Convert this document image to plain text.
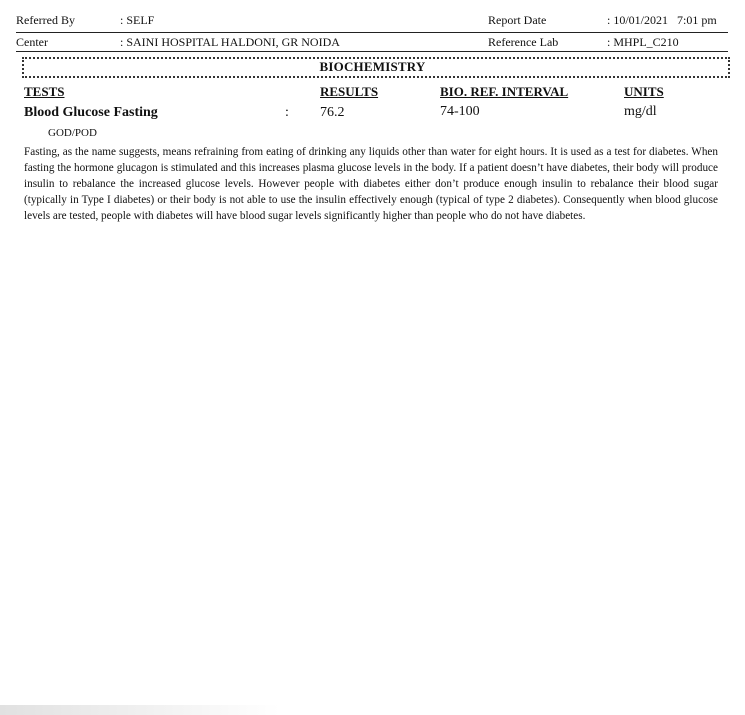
Referred By	: SELF	Report Date	: 10/01/2021   7:01 pm
Center	: SAINI HOSPITAL HALDONI, GR NOIDA	Reference Lab	: MHPL_C210
BIOCHEMISTRY
TESTS	RESULTS	BIO. REF. INTERVAL	UNITS
Blood Glucose Fasting	: 76.2	74-100	mg/dl
GOD/POD
Fasting, as the name suggests, means refraining from eating of drinking any liquids other than water for eight hours. It is used as a test for diabetes. When fasting the hormone glucagon is stimulated and this increases plasma glucose levels in the body. If a patient doesn’t have diabetes, their body will produce insulin to rebalance the increased glucose levels. However people with diabetes either don’t produce enough insulin to rebalance their blood sugar (typically in Type I diabetes) or their body is not able to use the insulin effectively enough (typical of type 2 diabetes). Consequently when blood glucose levels are tested, people with diabetes will have blood sugar levels significantly higher than people who do not have diabetes.
